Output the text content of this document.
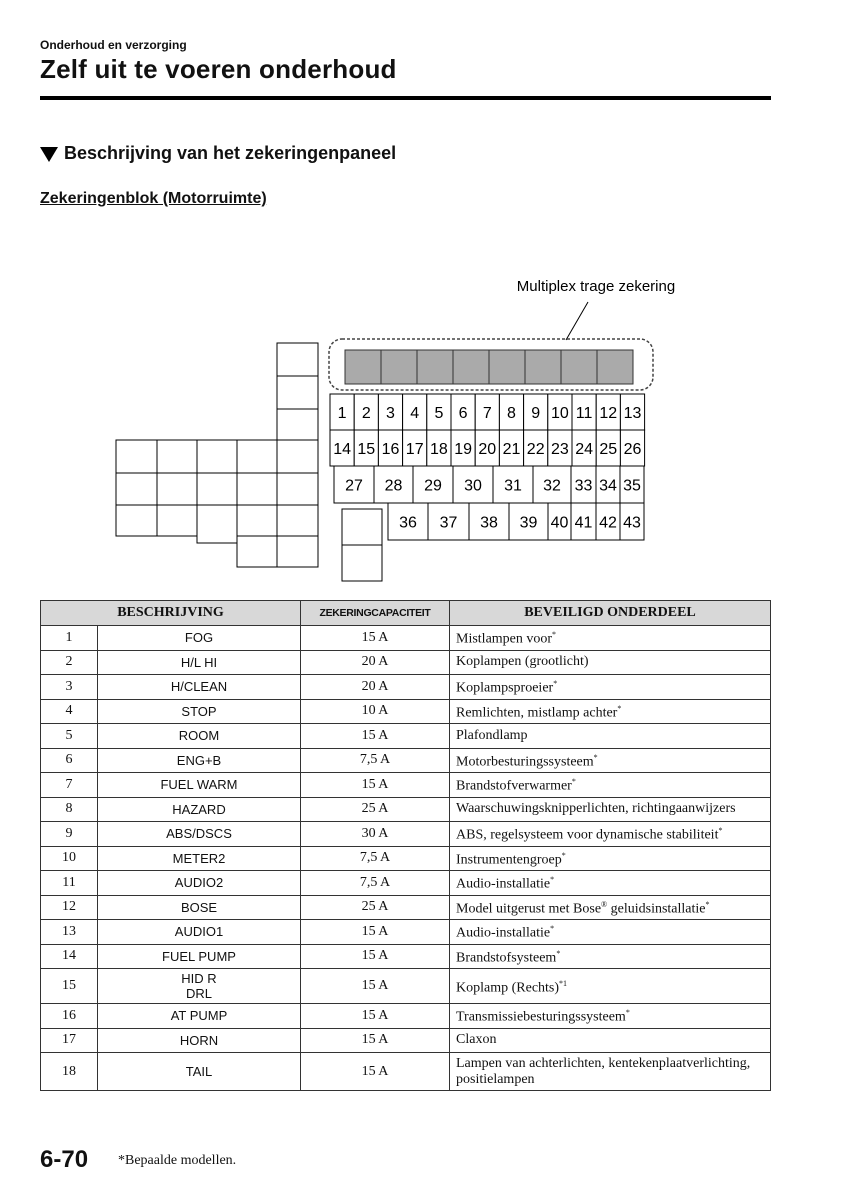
Onderhoud en verzorging
Zelf uit te voeren onderhoud
Beschrijving van het zekeringenpaneel
Zekeringenblok (Motorruimte)
Multiplex trage zekering
1 2 3 4 5 6 7 8 9 10 11 12 13
14 15 16 17 18 19 20 21 22 23 24 25 26
27 28 29 30 31 32 33 34 35
36 37 38 39 40 41 42 43
BESCHRIJVING		ZEKERINGCAPACITEIT	BEVEILIGD ONDERDEEL
1	FOG	15 A	Mistlampen voor*
2	H/L HI	20 A	Koplampen (grootlicht)
3	H/CLEAN	20 A	Koplampsproeier*
4	STOP	10 A	Remlichten, mistlamp achter*
5	ROOM	15 A	Plafondlamp
6	ENG+B	7,5 A	Motorbesturingssysteem*
7	FUEL WARM	15 A	Brandstofverwarmer*
8	HAZARD	25 A	Waarschuwingsknipperlichten, richtingaanwijzers
9	ABS/DSCS	30 A	ABS, regelsysteem voor dynamische stabiliteit*
10	METER2	7,5 A	Instrumentengroep*
11	AUDIO2	7,5 A	Audio-installatie*
12	BOSE	25 A	Model uitgerust met Bose® geluidsinstallatie*
13	AUDIO1	15 A	Audio-installatie*
14	FUEL PUMP	15 A	Brandstofsysteem*
15	HID R
DRL	15 A	Koplamp (Rechts)$^{*1}$
16	AT PUMP	15 A	Transmissiebesturingssysteem*
17	HORN	15 A	Claxon
18	TAIL	15 A	Lampen van achterlichten, kentekenplaatverlichting,
positielampen
6-70 *Bepaalde modellen.
